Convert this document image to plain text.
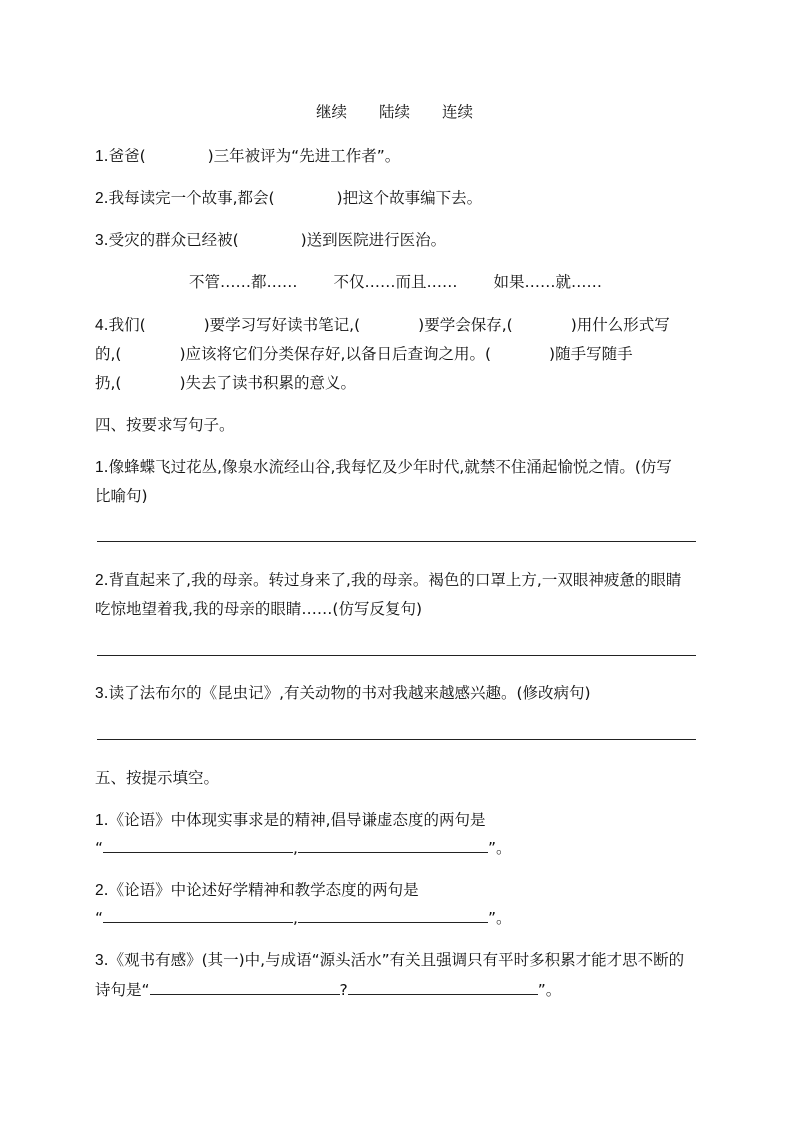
继续 陆续 连续
1.爸爸(	)三年被评为“先进工作者”。
2.我每读完一个故事,都会(	)把这个故事编下去。
3.受灾的群众已经被(	)送到医院进行医治。
不管……都…… 不仅……而且…… 如果……就……
4.我们(	)要学习写好读书笔记,(	)要学会保存,(	)用什么形式写
的,(	)应该将它们分类保存好,以备日后查询之用。(	)随手写随手
扔,(	)失去了读书积累的意义。
四、按要求写句子。
1.像蜂蝶飞过花丛,像泉水流经山谷,我每忆及少年时代,就禁不住涌起愉悦之情。(仿写
比喻句)
2.背直起来了,我的母亲。转过身来了,我的母亲。褐色的口罩上方,一双眼神疲惫的眼睛
吃惊地望着我,我的母亲的眼睛……(仿写反复句)
3.读了法布尔的《昆虫记》,有关动物的书对我越来越感兴趣。(修改病句)
五、按提示填空。
1.《论语》中体现实事求是的精神,倡导谦虚态度的两句是
“	,	”。
2.《论语》中论述好学精神和教学态度的两句是
“	,	”。
3.《观书有感》(其一)中,与成语“源头活水”有关且强调只有平时多积累才能才思不断的
诗句是“	?	”。
